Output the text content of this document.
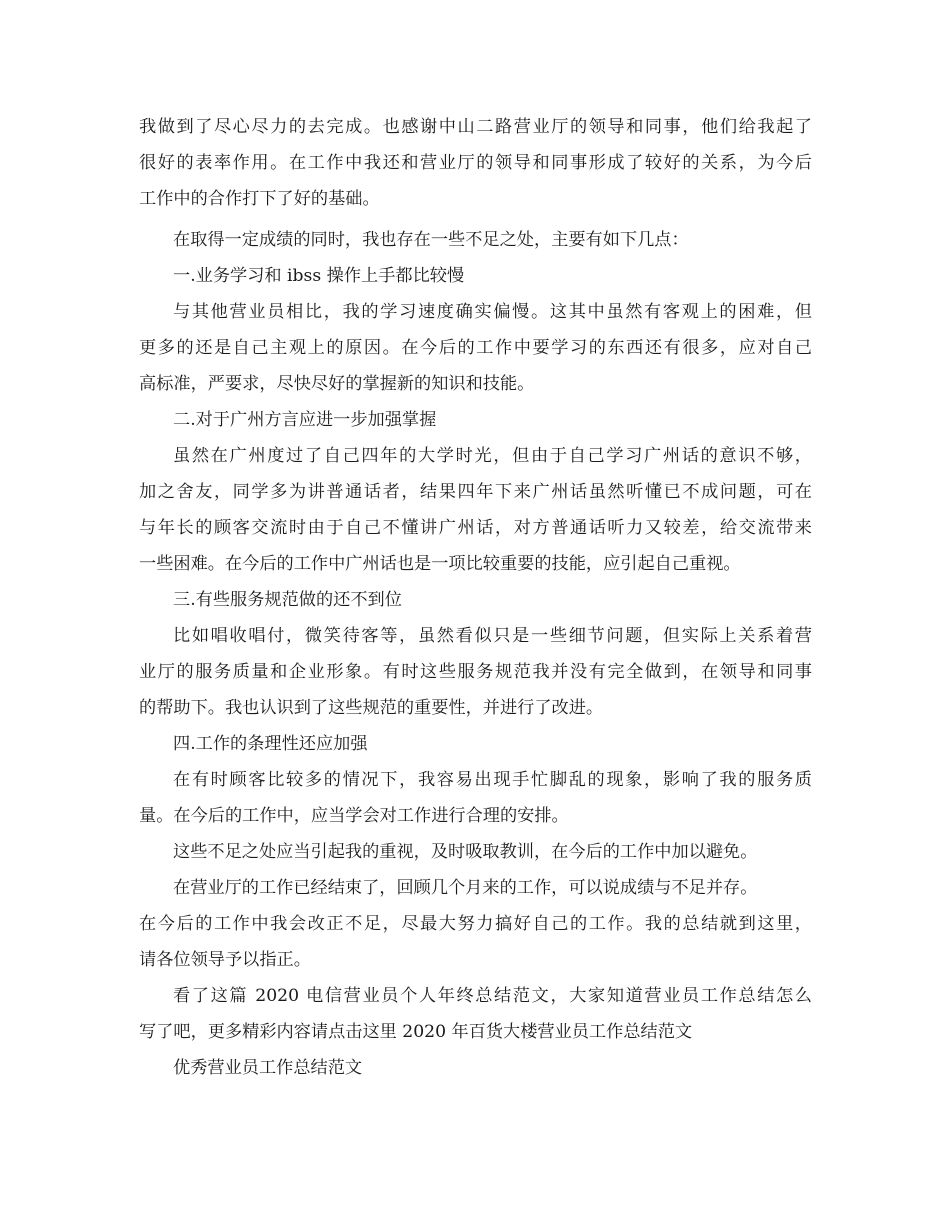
我做到了尽心尽力的去完成。也感谢中山二路营业厅的领导和同事，他们给我起了
很好的表率作用。在工作中我还和营业厅的领导和同事形成了较好的关系，为今后
工作中的合作打下了好的基础。
在取得一定成绩的同时，我也存在一些不足之处，主要有如下几点：
一.业务学习和 ibss 操作上手都比较慢
与其他营业员相比，我的学习速度确实偏慢。这其中虽然有客观上的困难，但
更多的还是自己主观上的原因。在今后的工作中要学习的东西还有很多，应对自己
高标准，严要求，尽快尽好的掌握新的知识和技能。
二.对于广州方言应进一步加强掌握
虽然在广州度过了自己四年的大学时光，但由于自己学习广州话的意识不够，
加之舍友，同学多为讲普通话者，结果四年下来广州话虽然听懂已不成问题，可在
与年长的顾客交流时由于自己不懂讲广州话，对方普通话听力又较差，给交流带来
一些困难。在今后的工作中广州话也是一项比较重要的技能，应引起自己重视。
三.有些服务规范做的还不到位
比如唱收唱付，微笑待客等，虽然看似只是一些细节问题，但实际上关系着营
业厅的服务质量和企业形象。有时这些服务规范我并没有完全做到，在领导和同事
的帮助下。我也认识到了这些规范的重要性，并进行了改进。
四.工作的条理性还应加强
在有时顾客比较多的情况下，我容易出现手忙脚乱的现象，影响了我的服务质
量。在今后的工作中，应当学会对工作进行合理的安排。
这些不足之处应当引起我的重视，及时吸取教训，在今后的工作中加以避免。
在营业厅的工作已经结束了，回顾几个月来的工作，可以说成绩与不足并存。
在今后的工作中我会改正不足，尽最大努力搞好自己的工作。我的总结就到这里，
请各位领导予以指正。
看了这篇 2020 电信营业员个人年终总结范文，大家知道营业员工作总结怎么
写了吧，更多精彩内容请点击这里 2020 年百货大楼营业员工作总结范文
优秀营业员工作总结范文
